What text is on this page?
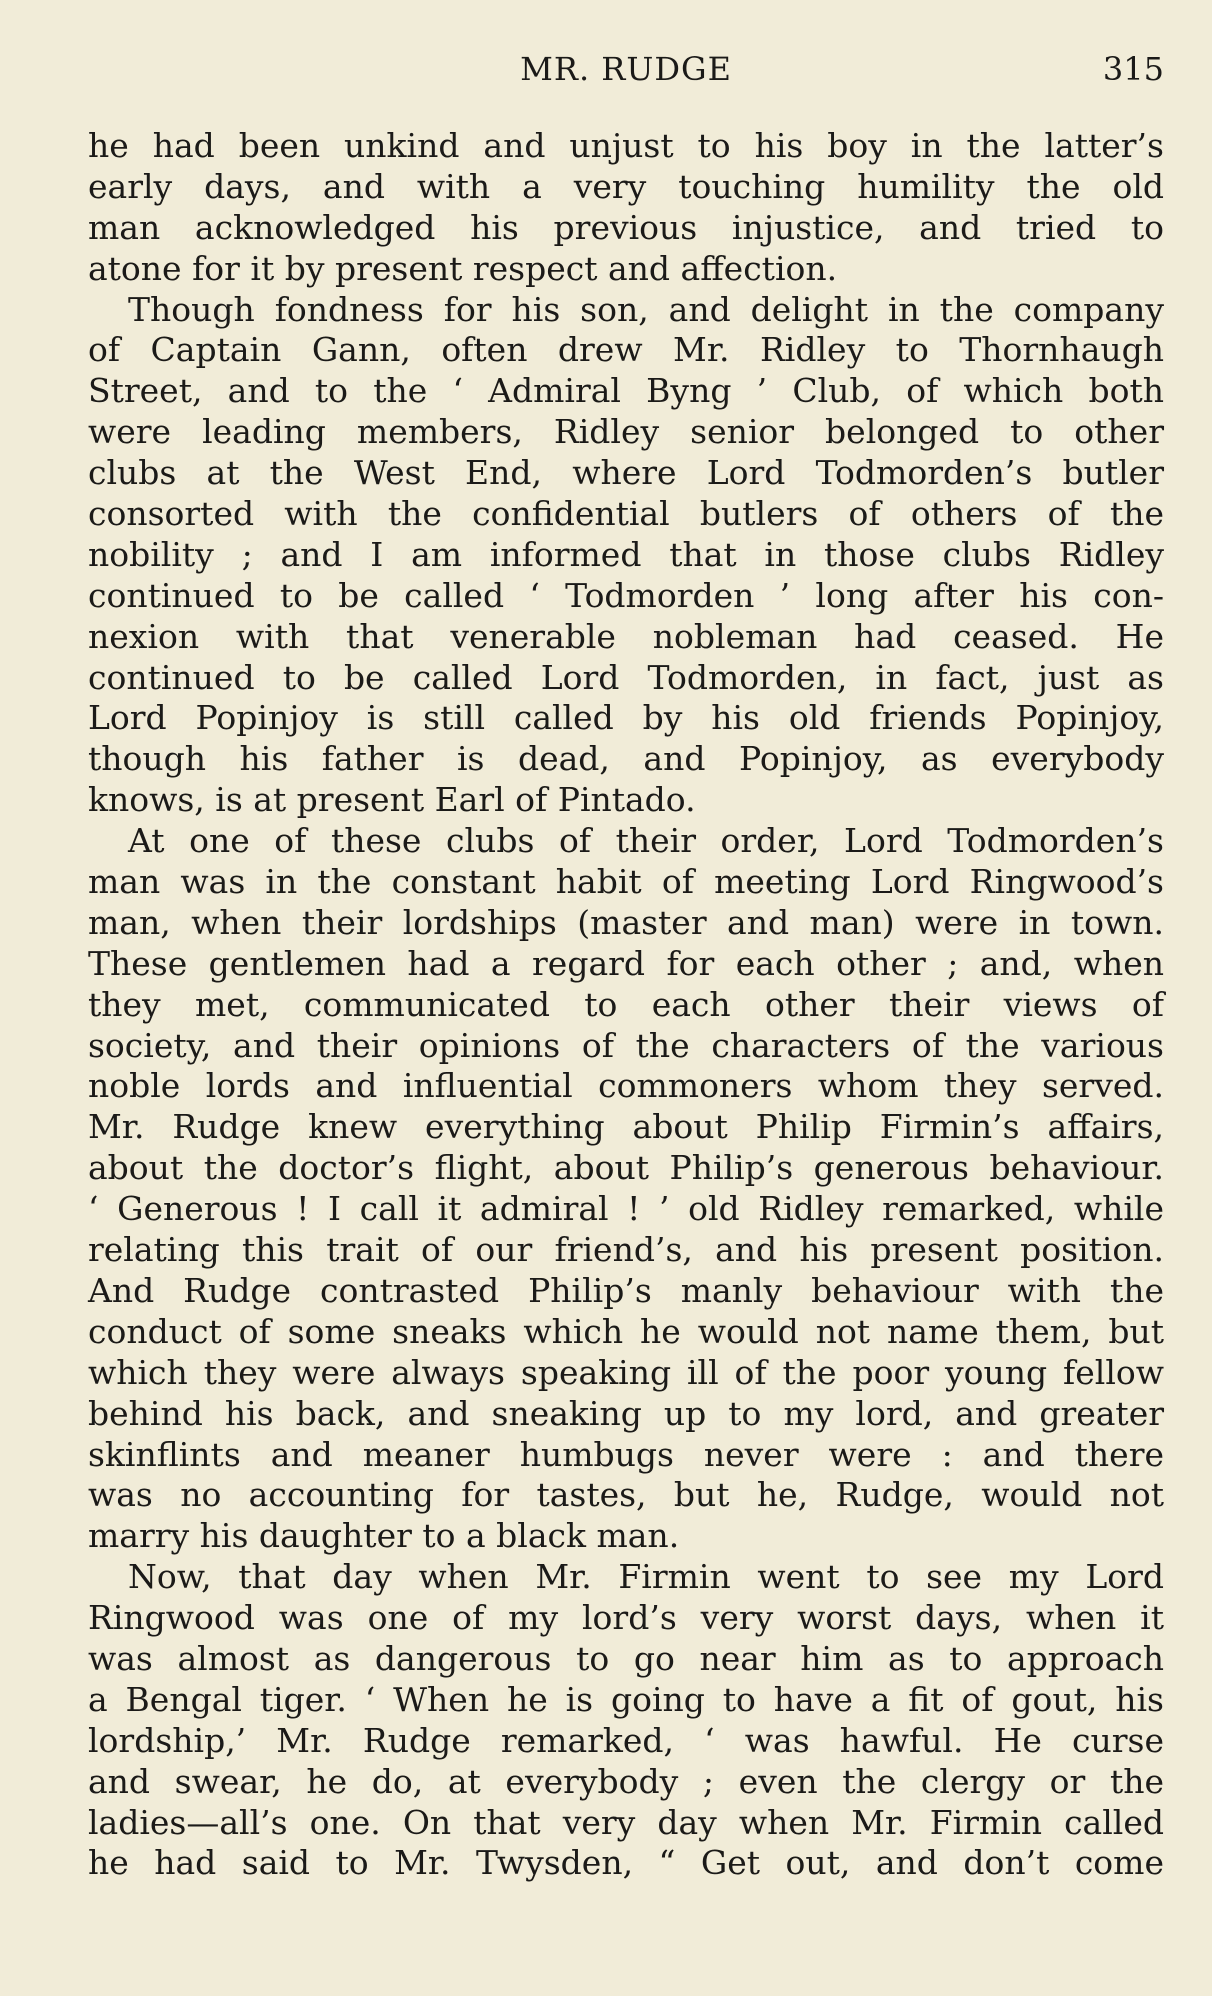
MR. RUDGE	315
he had been unkind and unjust to his boy in the latter’s
early days, and with a very touching humility the old
man acknowledged his previous injustice, and tried to
atone for it by present respect and affection.
Though fondness for his son, and delight in the company
of Captain Gann, often drew Mr. Ridley to Thornhaugh
Street, and to the ‘ Admiral Byng ’ Club, of which both
were leading members, Ridley senior belonged to other
clubs at the West End, where Lord Todmorden’s butler
consorted with the confidential butlers of others of the
nobility ; and I am informed that in those clubs Ridley
continued to be called ‘ Todmorden ’ long after his con-
nexion with that venerable nobleman had ceased. He
continued to be called Lord Todmorden, in fact, just as
Lord Popinjoy is still called by his old friends Popinjoy,
though his father is dead, and Popinjoy, as everybody
knows, is at present Earl of Pintado.
At one of these clubs of their order, Lord Todmorden’s
man was in the constant habit of meeting Lord Ringwood’s
man, when their lordships (master and man) were in town.
These gentlemen had a regard for each other ; and, when
they met, communicated to each other their views of
society, and their opinions of the characters of the various
noble lords and influential commoners whom they served.
Mr. Rudge knew everything about Philip Firmin’s affairs,
about the doctor’s flight, about Philip’s generous behaviour.
‘ Generous ! I call it admiral ! ’ old Ridley remarked, while
relating this trait of our friend’s, and his present position.
And Rudge contrasted Philip’s manly behaviour with the
conduct of some sneaks which he would not name them, but
which they were always speaking ill of the poor young fellow
behind his back, and sneaking up to my lord, and greater
skinflints and meaner humbugs never were : and there
was no accounting for tastes, but he, Rudge, would not
marry his daughter to a black man.
Now, that day when Mr. Firmin went to see my Lord
Ringwood was one of my lord’s very worst days, when it
was almost as dangerous to go near him as to approach
a Bengal tiger. ‘ When he is going to have a fit of gout, his
lordship,’ Mr. Rudge remarked, ‘ was hawful. He curse
and swear, he do, at everybody ; even the clergy or the
ladies—all’s one. On that very day when Mr. Firmin called
he had said to Mr. Twysden, “ Get out, and don’t come
